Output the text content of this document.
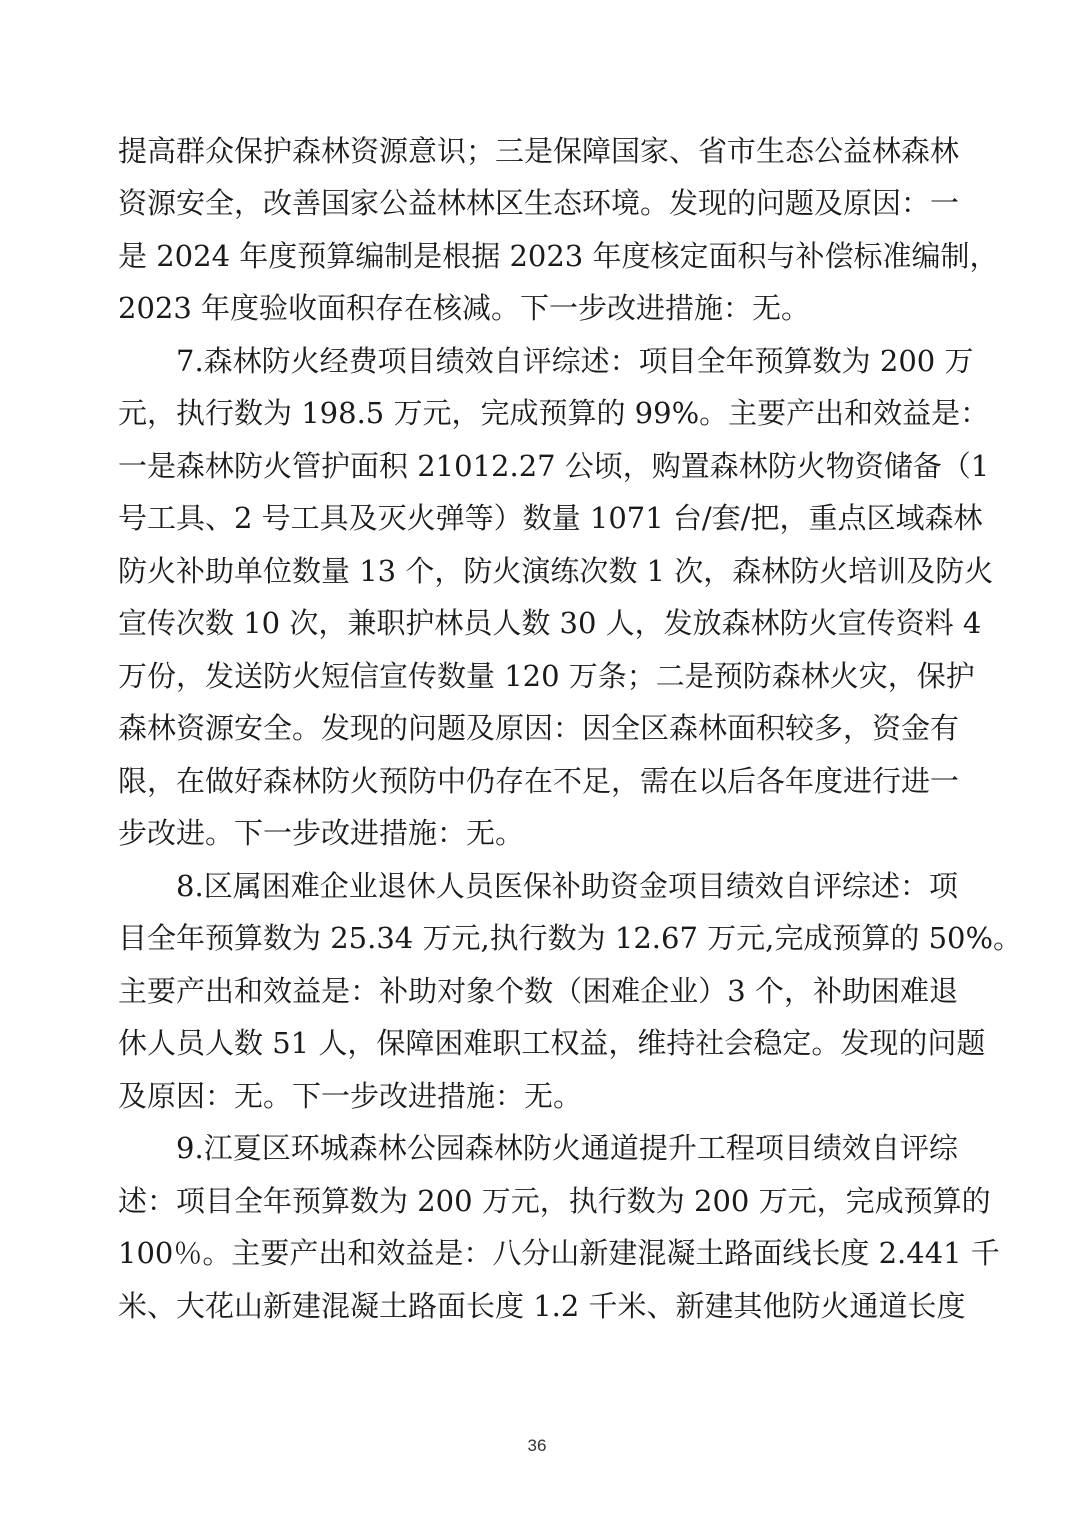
提高群众保护森林资源意识；三是保障国家、省市生态公益林森林
资源安全，改善国家公益林林区生态环境。发现的问题及原因：一
是 2024 年度预算编制是根据 2023 年度核定面积与补偿标准编制，
2023 年度验收面积存在核减。下一步改进措施：无。
　　7.森林防火经费项目绩效自评综述：项目全年预算数为 200 万
元，执行数为 198.5 万元，完成预算的 99%。主要产出和效益是：
一是森林防火管护面积 21012.27 公顷，购置森林防火物资储备（1
号工具、2 号工具及灭火弹等）数量 1071 台/套/把，重点区域森林
防火补助单位数量 13 个，防火演练次数 1 次，森林防火培训及防火
宣传次数 10 次，兼职护林员人数 30 人，发放森林防火宣传资料 4
万份，发送防火短信宣传数量 120 万条；二是预防森林火灾，保护
森林资源安全。发现的问题及原因：因全区森林面积较多，资金有
限，在做好森林防火预防中仍存在不足，需在以后各年度进行进一
步改进。下一步改进措施：无。
　　8.区属困难企业退休人员医保补助资金项目绩效自评综述：项
目全年预算数为 25.34 万元,执行数为 12.67 万元,完成预算的 50%。
主要产出和效益是：补助对象个数（困难企业）3 个，补助困难退
休人员人数 51 人，保障困难职工权益，维持社会稳定。发现的问题
及原因：无。下一步改进措施：无。
　　9.江夏区环城森林公园森林防火通道提升工程项目绩效自评综
述：项目全年预算数为 200 万元，执行数为 200 万元，完成预算的
100％。主要产出和效益是：八分山新建混凝土路面线长度 2.441 千
米、大花山新建混凝土路面长度 1.2 千米、新建其他防火通道长度
36
